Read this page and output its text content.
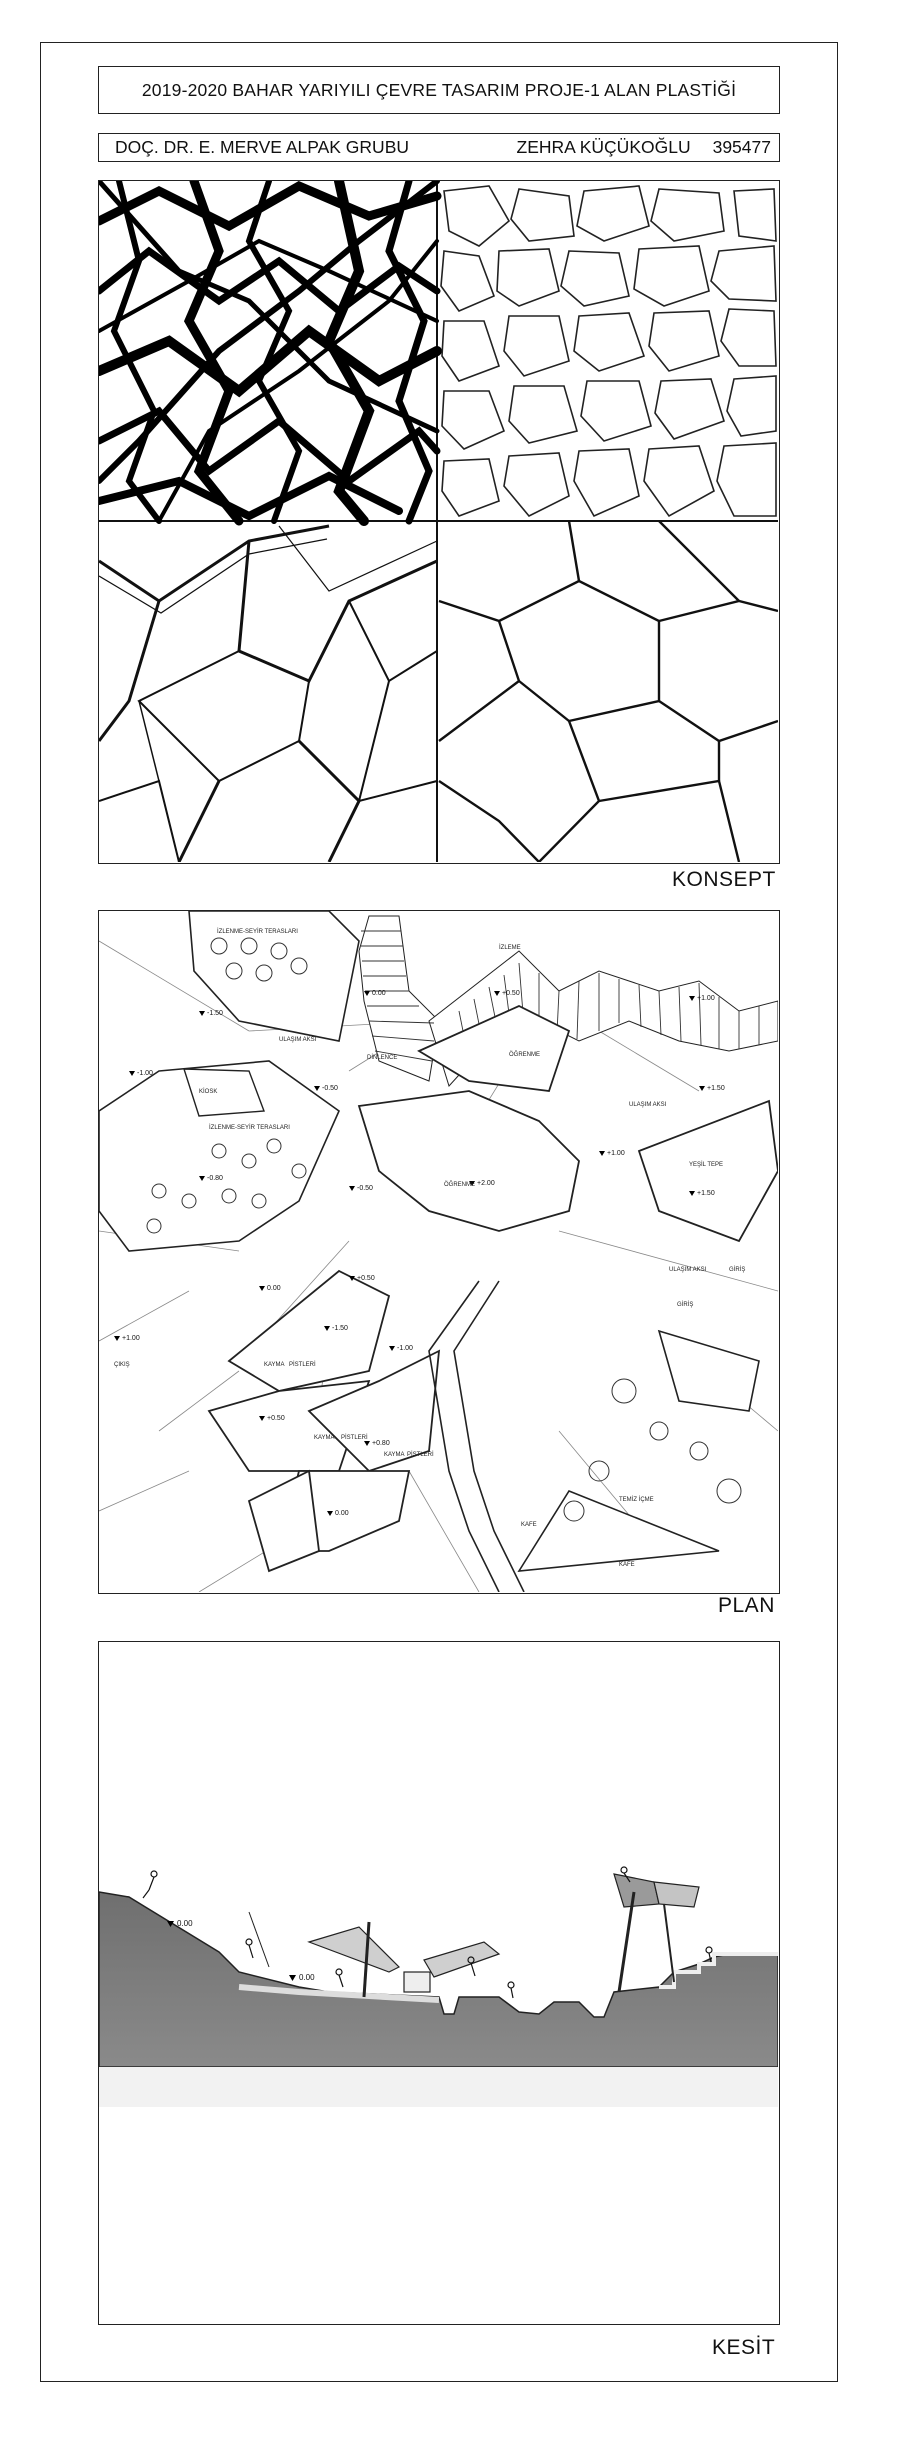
2019-2020 BAHAR YARIYILI ÇEVRE TASARIM PROJE-1 ALAN PLASTİĞİ
DOÇ. DR. E. MERVE ALPAK GRUBU	ZEHRA KÜÇÜKOĞLU 395477
KONSEPT
-1.50
-1.00
-0.80
-0.50
0.00	+0.50
+1.00
+1.50
+2.00
+1.00
+1.50
-0.50
0.00
+1.00
+0.50
-1.50
-1.00
+0.50
+0.80
0.00
İZLENME-SEYİR TERASLARI
İZLENME-SEYİR TERASLARI
ULAŞIM AKSI
ULAŞIM AKSI
ULAŞIM AKSI
DİNLENCE
KİOSK
ÖĞRENME
ÖĞRENME
İZLEME
YEŞİL TEPE
GİRİŞ
GİRİŞ
ÇIKIŞ	KAYMA PİSTLERİ
KAYMA PİSTLERİ
KAYMA PİSTLERİ
TEMİZ İÇME
KAFE
KAFE
PLAN
0.00
0.00
KESİT
